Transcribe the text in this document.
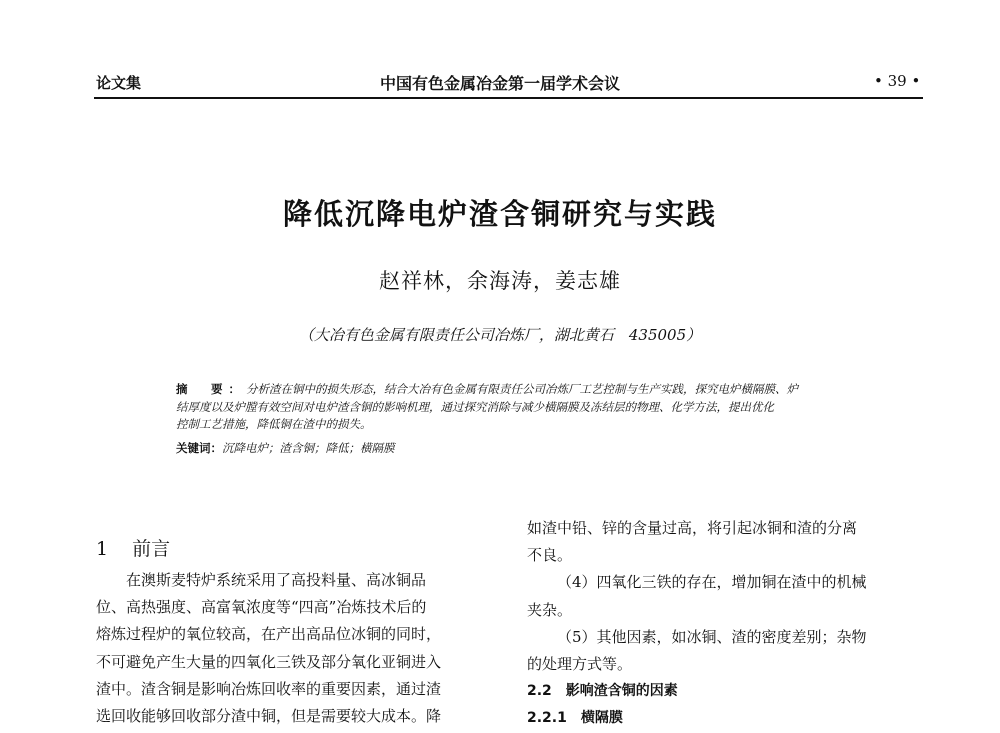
论文集	中国有色金属冶金第一届学术会议	• 39 •
降低沉降电炉渣含铜研究与实践
赵祥林，余海涛，姜志雄
（大冶有色金属有限责任公司冶炼厂，湖北黄石　435005）
摘　要：分析渣在铜中的损失形态，结合大冶有色金属有限责任公司冶炼厂工艺控制与生产实践，探究电炉横隔膜、炉
结厚度以及炉膛有效空间对电炉渣含铜的影响机理，通过探究消除与减少横隔膜及冻结层的物理、化学方法，提出优化
控制工艺措施，降低铜在渣中的损失。
关键词：沉降电炉；渣含铜；降低；横隔膜
1 前言
在澳斯麦特炉系统采用了高投料量、高冰铜品
位、高热强度、高富氧浓度等“四高”冶炼技术后的
熔炼过程炉的氧位较高，在产出高品位冰铜的同时，
不可避免产生大量的四氧化三铁及部分氧化亚铜进入
渣中。渣含铜是影响冶炼回收率的重要因素，通过渣
选回收能够回收部分渣中铜，但是需要较大成本。降
如渣中铅、锌的含量过高，将引起冰铜和渣的分离
不良。
（4）四氧化三铁的存在，增加铜在渣中的机械
夹杂。
（5）其他因素，如冰铜、渣的密度差别；杂物
的处理方式等。
2.2　影响渣含铜的因素
2.2.1　横隔膜
